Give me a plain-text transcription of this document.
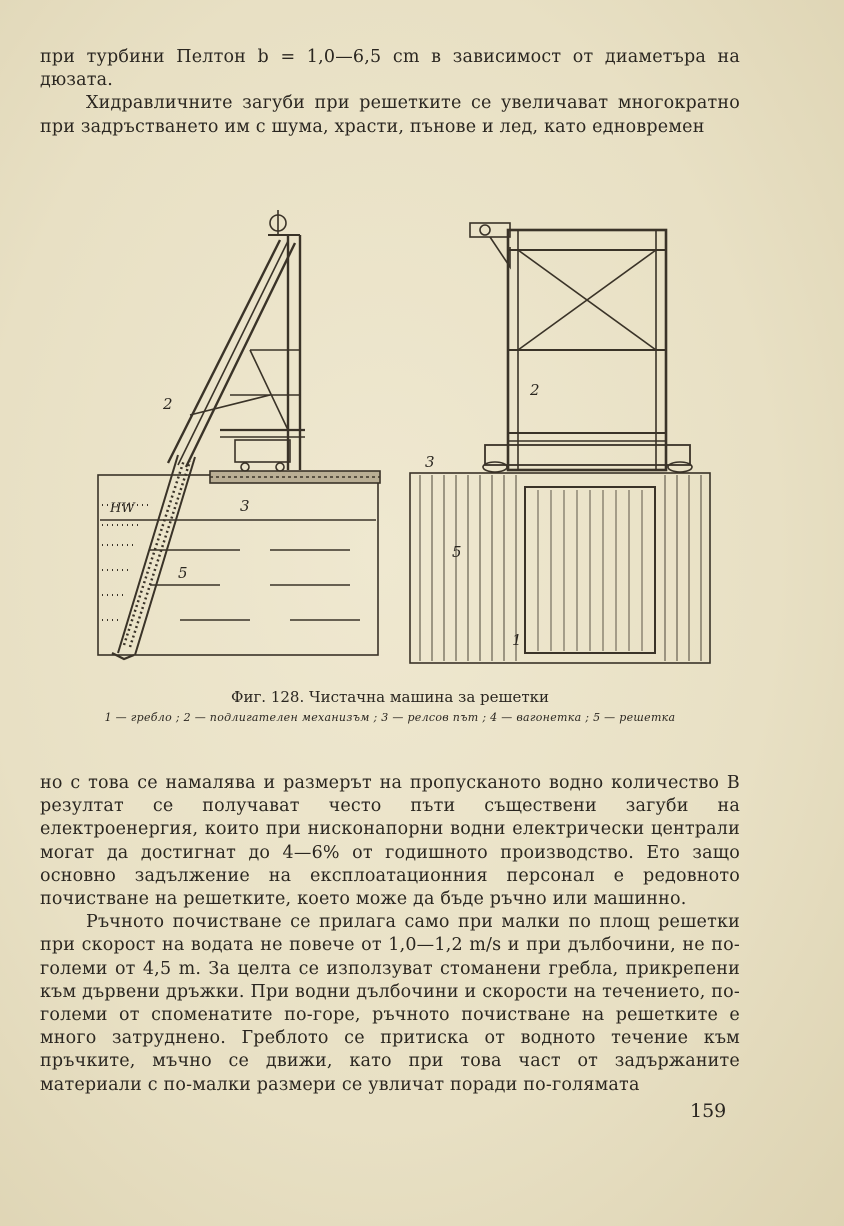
при турбини Пелтон b = 1,0—6,5 cm в зависимост от диаметъра на дюзата.

Хидравличните загуби при решетките се увеличават многократно при задръстването им с шума, храсти, пънове и лед, като едновремен

HW
2
3
5
2
3
5
1
Фиг. 128. Чистачна машина за решетки
1 — гребло ; 2 — подлигателен механизъм ; 3 — релсов път ; 4 — вагонетка ; 5 — решетка

но с това се намалява и размерът на пропусканото водно количество В резултат се получават често пъти съществени загуби на електроенергия, които при нисконапорни водни електрически централи могат да достигнат до 4—6% от годишното производство. Ето защо основно задължение на експлоатационния персонал е редовното почистване на решетките, което може да бъде ръчно или машинно.

Ръчното почистване се прилага само при малки по площ решетки при скорост на водата не повече от 1,0—1,2 m/s и при дълбочини, не по-големи от 4,5 m. За целта се използуват стоманени гребла, прикрепени към дървени дръжки. При водни дълбочини и скорости на течението, по-големи от споменатите по-горе, ръчното почистване на решетките е много затруднено. Греблото се притиска от водното течение към пръчките, мъчно се движи, като при това част от задържаните материали с по-малки размери се увличат поради по-голямата

159
